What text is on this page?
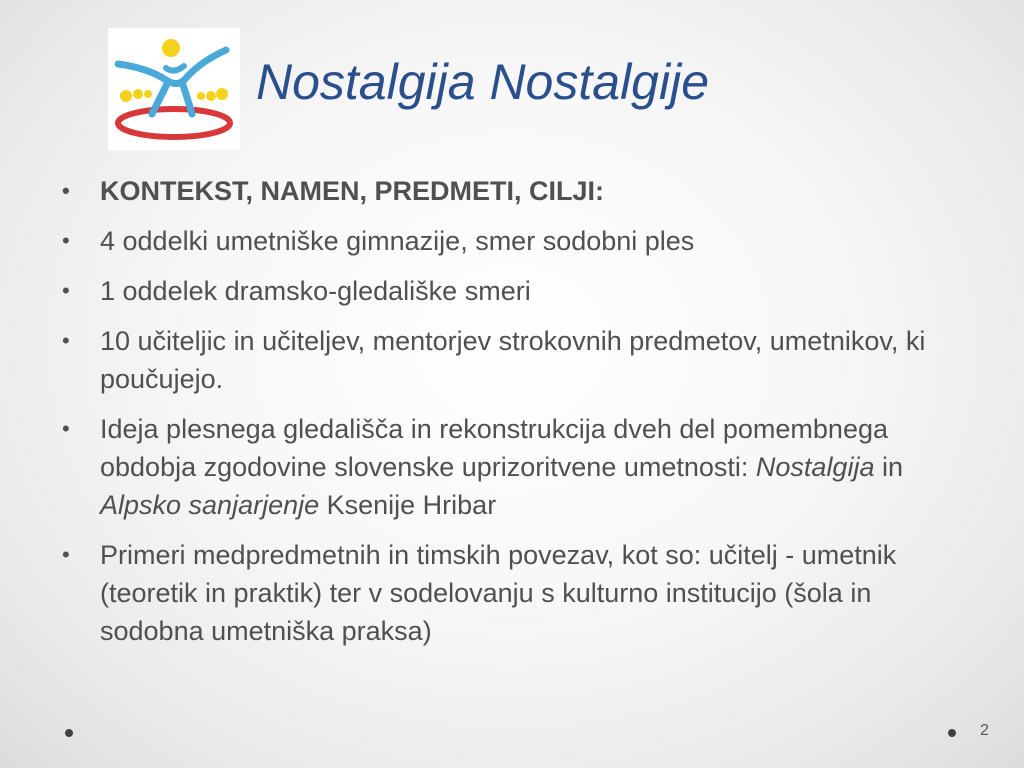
Nostalgija Nostalgije
• KONTEKST, NAMEN, PREDMETI, CILJI:
• 4 oddelki umetniške gimnazije, smer sodobni ples
• 1 oddelek dramsko-gledališke smeri
• 10 učiteljic in učiteljev, mentorjev strokovnih predmetov, umetnikov, ki poučujejo.
• Ideja plesnega gledališča in rekonstrukcija dveh del pomembnega obdobja zgodovine slovenske uprizoritvene umetnosti: Nostalgija in Alpsko sanjarjenje Ksenije Hribar
• Primeri medpredmetnih in timskih povezav, kot so: učitelj - umetnik (teoretik in praktik) ter v sodelovanju s kulturno institucijo (šola in sodobna umetniška praksa)
2
